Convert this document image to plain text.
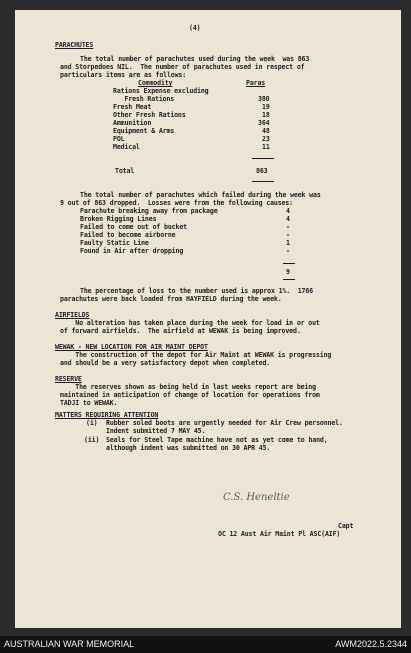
(4)
PARACHUTES
The total number of parachutes used during the week  was 863
and Storpedoes NIL.  The number of parachutes used in respect of
particulars items are as follows:
Commodity	Paras
Rations Expense excluding
Fresh Rations	380
Fresh Meat	19
Other Fresh Rations	18
Ammunition	364
Equipment & Arms	48
POL	23
Medical	11
Total	863
The total number of parachutes which failed during the week was
9 out of 863 dropped.  Losses were from the following causes:
Parachute breaking away from package	4
Broken Rigging Lines	4
Failed to come out of bucket	-
Failed to become airborne	-
Faulty Static Line	1
Found in Air after dropping	-
9
The percentage of loss to the number used is approx 1%.  1766
parachutes were back loaded from HAYFIELD during the week.
AIRFIELDS
No alteration has taken place during the week for load in or out
of forward airfields.  The airfield at WEWAK is being improved.
WEWAK - NEW LOCATION FOR AIR MAINT DEPOT
The construction of the depot for Air Maint at WEWAK is progressing
and should be a very satisfactory depot when completed.
RESERVE
The reserves shown as being held in last weeks report are being
maintained in anticipation of change of location for operations from
TADJI to WEWAK.
MATTERS REQUIRING ATTENTION
(i) Rubber soled boots are urgently needed for Air Crew personnel.
Indent submitted 7 MAY 45.
(ii) Seals for Steel Tape machine have not as yet come to hand,
although indent was submitted on 30 APR 45.
C.S. Heneltie
Capt
OC 12 Aust Air Maint Pl ASC(AIF)
AUSTRALIAN WAR MEMORIAL	AWM2022.5.2344
